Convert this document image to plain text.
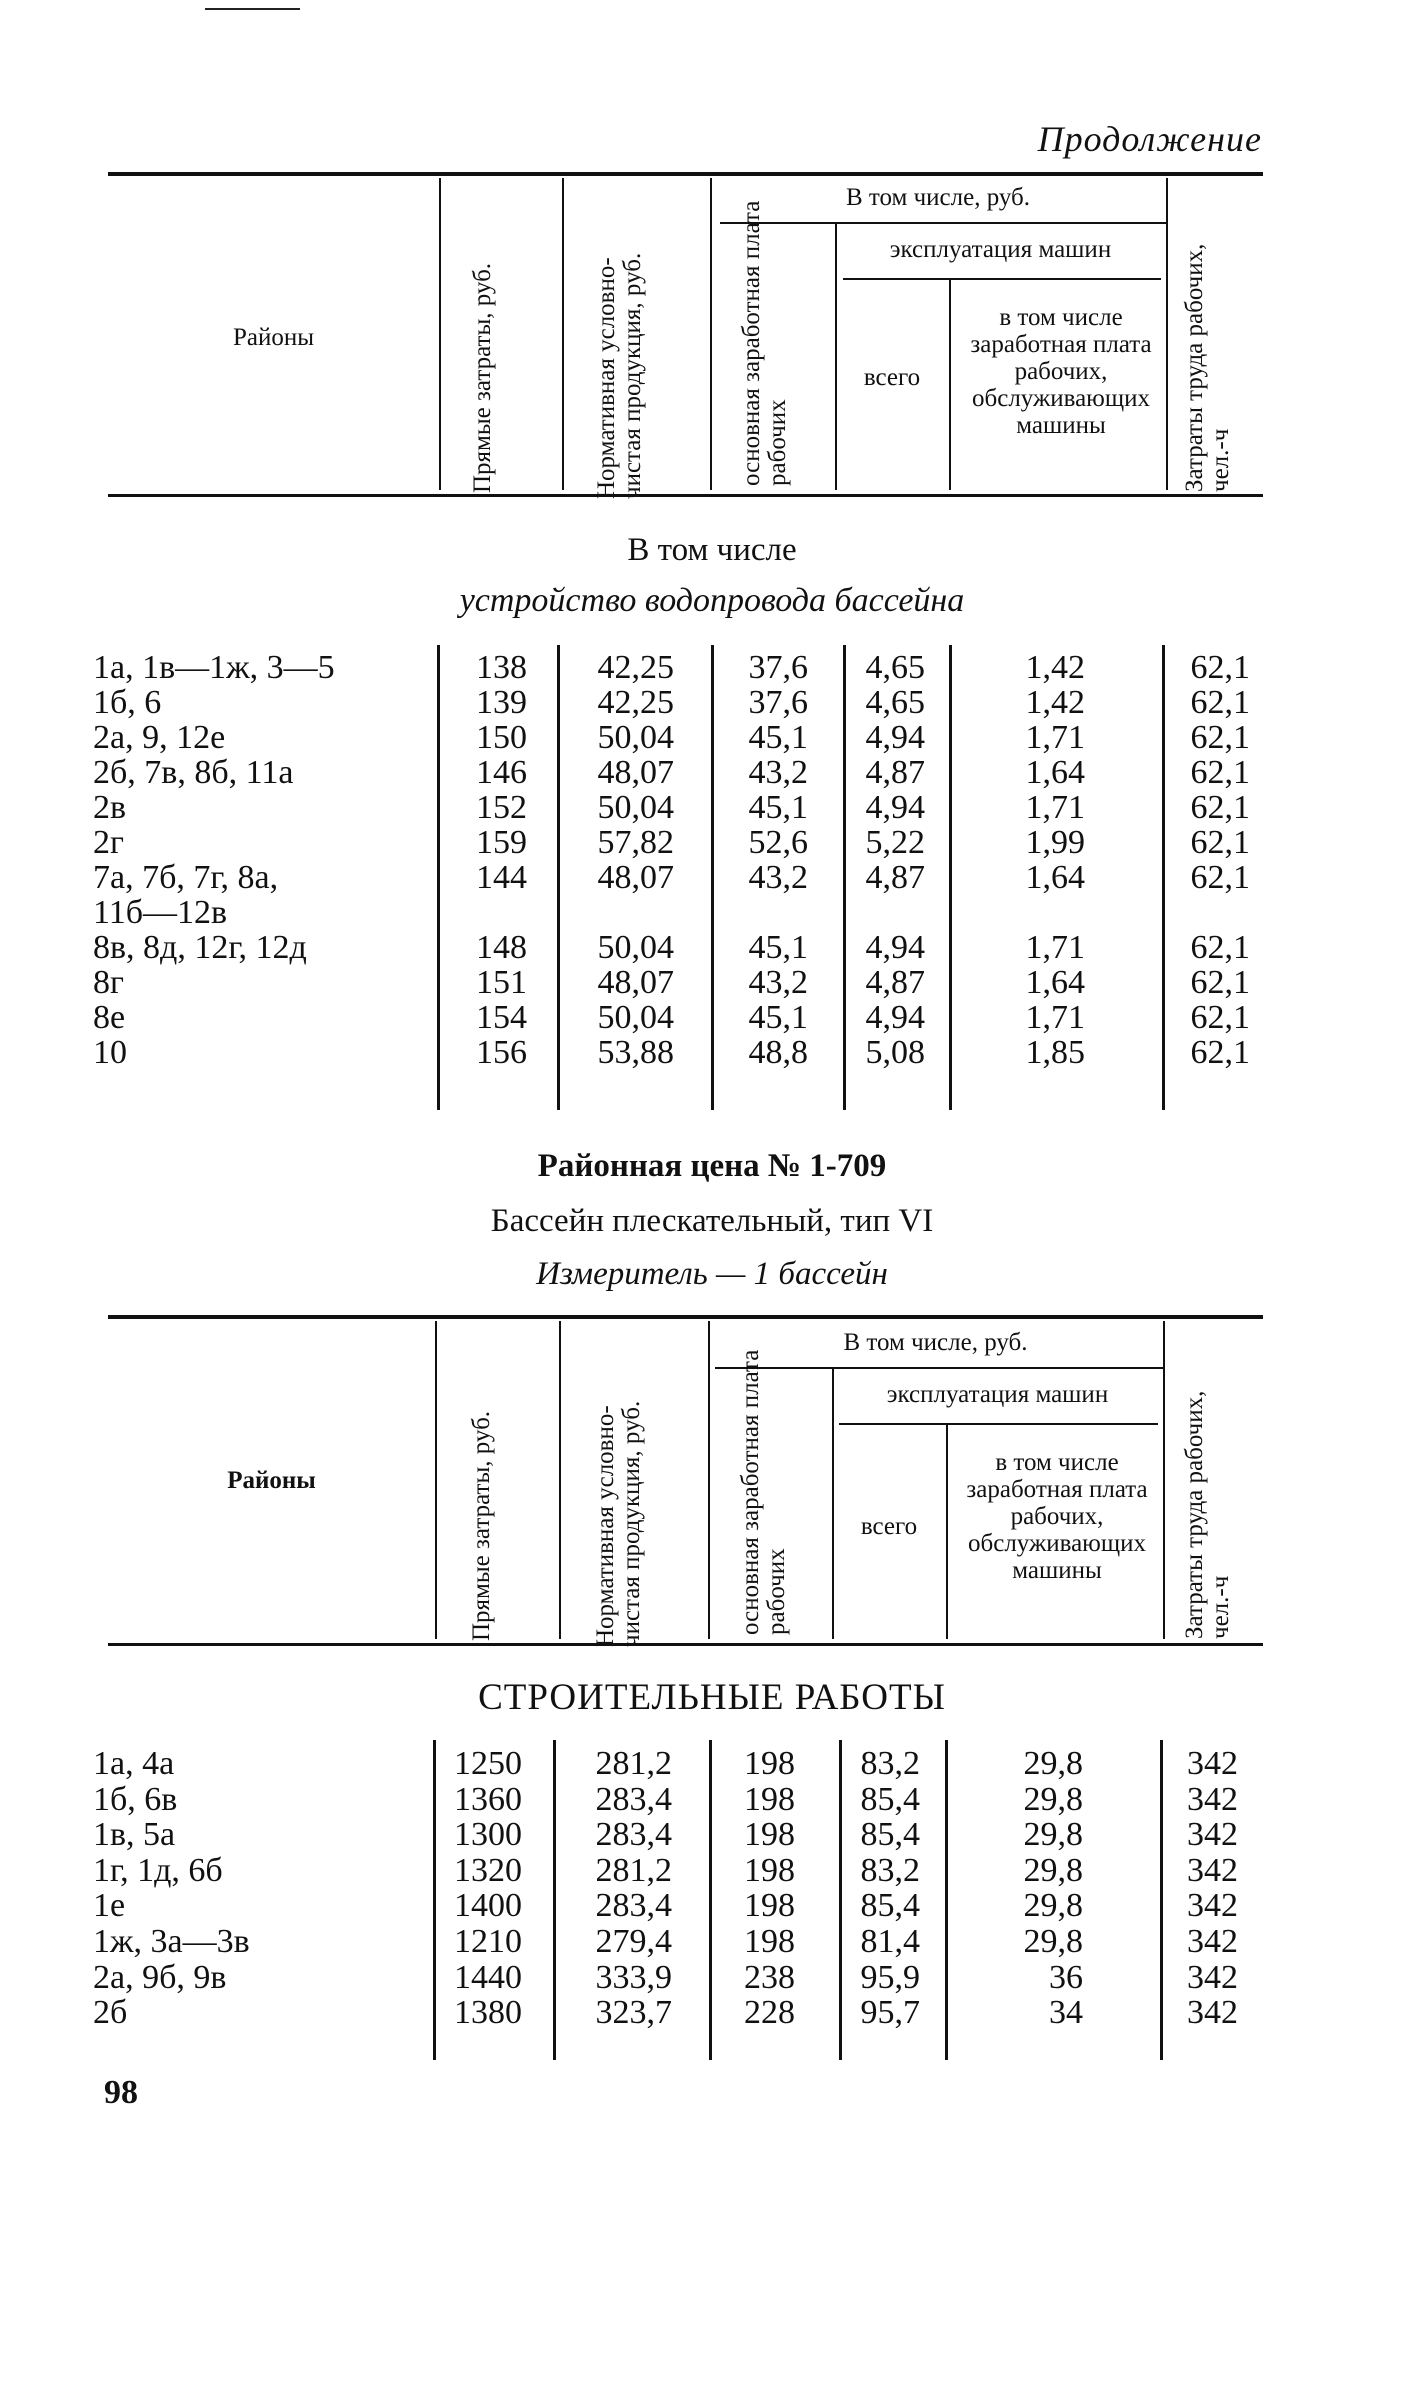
Продолжение
Районы
В том числе, руб.
эксплуатация машин
всего
в том числе заработная плата рабочих, обслуживающих машины
Прямые затраты, руб.	Нормативная условно-чистая продукция, руб.	основная заработная плата рабочих	Затраты труда рабочих, чел.-ч
В том числе
устройство водопровода бассейна
1а, 1в—1ж, 3—5	138 42,25 37,6 4,65	1,42	62,1
1б, 6	139 42,25 37,6 4,65	1,42	62,1
2а, 9, 12е	150 50,04 45,1 4,94	1,71	62,1
2б, 7в, 8б, 11а	146 48,07 43,2 4,87	1,64	62,1
2в	152 50,04 45,1 4,94	1,71	62,1
2г	159 57,82 52,6 5,22	1,99	62,1
7а, 7б, 7г, 8а,	144 48,07 43,2 4,87	1,64	62,1
11б—12в
8в, 8д, 12г, 12д	148 50,04 45,1 4,94	1,71	62,1
8г	151 48,07 43,2 4,87	1,64	62,1
8е	154 50,04 45,1 4,94	1,71	62,1
10	156 53,88 48,8 5,08	1,85	62,1
Районная цена № 1-709
Бассейн плескательный, тип VI
Измеритель — 1 бассейн
Районы
В том числе, руб.
эксплуатация машин
всего
в том числе заработная плата рабочих, обслуживающих машины
Прямые затраты, руб.	Нормативная условно-чистая продукция, руб.	основная заработная плата рабочих	Затраты труда рабочих, чел.-ч
СТРОИТЕЛЬНЫЕ РАБОТЫ
1а, 4а	1250 281,2 198 83,2	29,8	342
1б, 6в	1360 283,4 198 85,4	29,8	342
1в, 5а	1300 283,4 198 85,4	29,8	342
1г, 1д, 6б	1320 281,2 198 83,2	29,8	342
1е	1400 283,4 198 85,4	29,8	342
1ж, 3а—3в	1210 279,4 198 81,4	29,8	342
2а, 9б, 9в	1440 333,9 238 95,9	36	342
2б	1380 323,7 228 95,7	34	342
98
